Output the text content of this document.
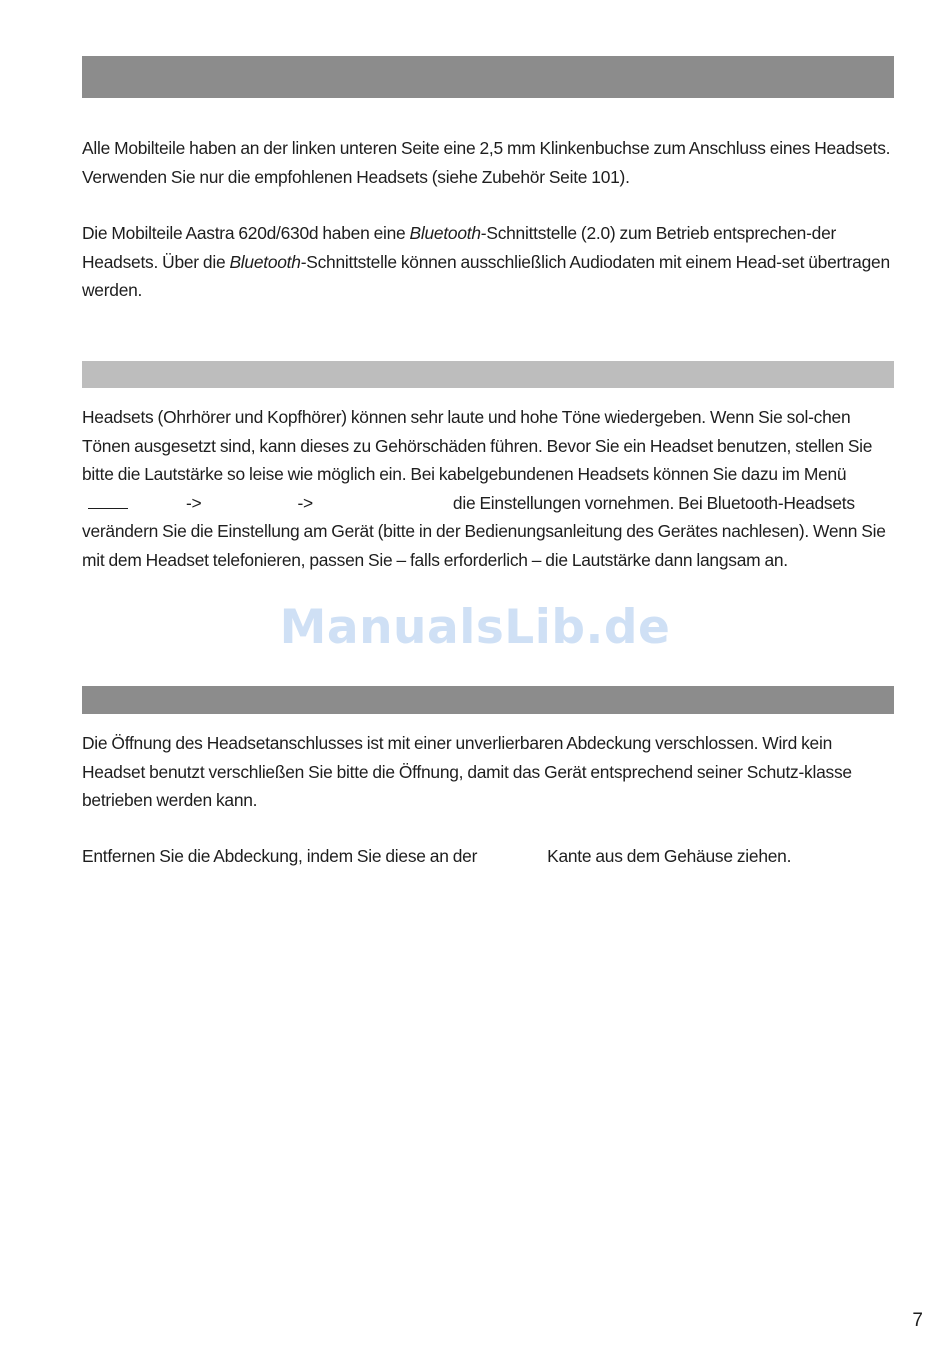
Alle Mobilteile haben an der linken unteren Seite eine 2,5 mm Klinkenbuchse zum Anschluss eines Headsets. Verwenden Sie nur die empfohlenen Headsets (siehe Zubehör Seite 101).

Die Mobilteile Aastra 620d/630d haben eine Bluetooth-Schnittstelle (2.0) zum Betrieb entsprechen-der Headsets. Über die Bluetooth-Schnittstelle können ausschließlich Audiodaten mit einem Head-set übertragen werden.

Headsets (Ohrhörer und Kopfhörer) können sehr laute und hohe Töne wiedergeben. Wenn Sie sol-chen Tönen ausgesetzt sind, kann dieses zu Gehörschäden führen. Bevor Sie ein Headset benutzen, stellen Sie bitte die Lautstärke so leise wie möglich ein. Bei kabelgebundenen Headsets können Sie dazu im Menü->	->	die Einstellungen vornehmen. Bei Bluetooth-Headsets verändern Sie die Einstellung am Gerät (bitte in der Bedienungsanleitung des Gerätes nachlesen). Wenn Sie mit dem Headset telefonieren, passen Sie – falls erforderlich – die Lautstärke dann langsam an.

ManualsLib.de

Die Öffnung des Headsetanschlusses ist mit einer unverlierbaren Abdeckung verschlossen. Wird kein Headset benutzt verschließen Sie bitte die Öffnung, damit das Gerät entsprechend seiner Schutz-klasse betrieben werden kann.

Entfernen Sie die Abdeckung, indem Sie diese an der	Kante aus dem Gehäuse ziehen.

7
